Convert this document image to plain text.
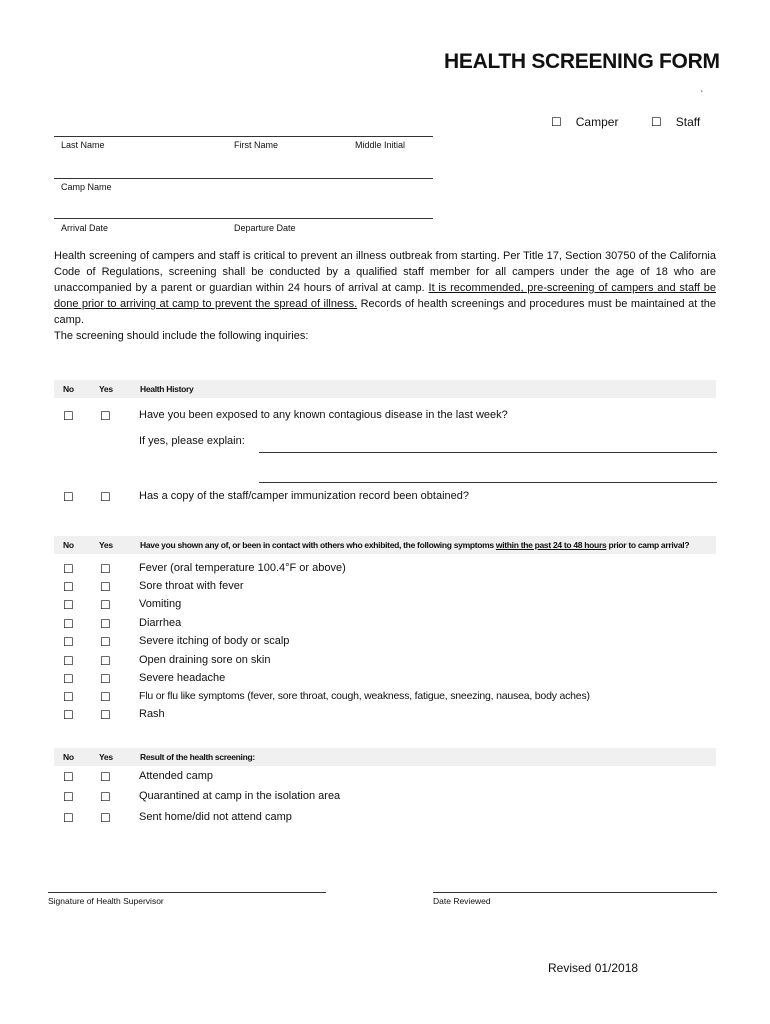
HEALTH SCREENING FORM
`
☐ Camper	☐ Staff
Last Name	First Name	Middle Initial
Camp Name
Arrival Date	Departure Date
Health screening of campers and staff is critical to prevent an illness outbreak from starting. Per Title 17, Section 30750 of the California Code of Regulations, screening shall be conducted by a qualified staff member for all campers under the age of 18 who are unaccompanied by a parent or guardian within 24 hours of arrival at camp. It is recommended, pre-screening of campers and staff be done prior to arriving at camp to prevent the spread of illness. Records of health screenings and procedures must be maintained at the camp.
The screening should include the following inquiries:
No	Yes	Health History
☐ ☐	Have you been exposed to any known contagious disease in the last week?
If yes, please explain:
☐ ☐	Has a copy of the staff/camper immunization record been obtained?
No	Yes	Have you shown any of, or been in contact with others who exhibited, the following symptoms within the past 24 to 48 hours prior to camp arrival?
☐ ☐	Fever (oral temperature 100.4°F or above)
☐ ☐	Sore throat with fever
☐ ☐	Vomiting
☐ ☐	Diarrhea
☐ ☐	Severe itching of body or scalp
☐ ☐	Open draining sore on skin
☐ ☐	Severe headache
☐ ☐	Flu or flu like symptoms (fever, sore throat, cough, weakness, fatigue, sneezing, nausea, body aches)
☐ ☐	Rash
No	Yes	Result of the health screening:
☐ ☐	Attended camp
☐ ☐	Quarantined at camp in the isolation area
☐ ☐	Sent home/did not attend camp
Signature of Health Supervisor	Date Reviewed
Revised 01/2018
